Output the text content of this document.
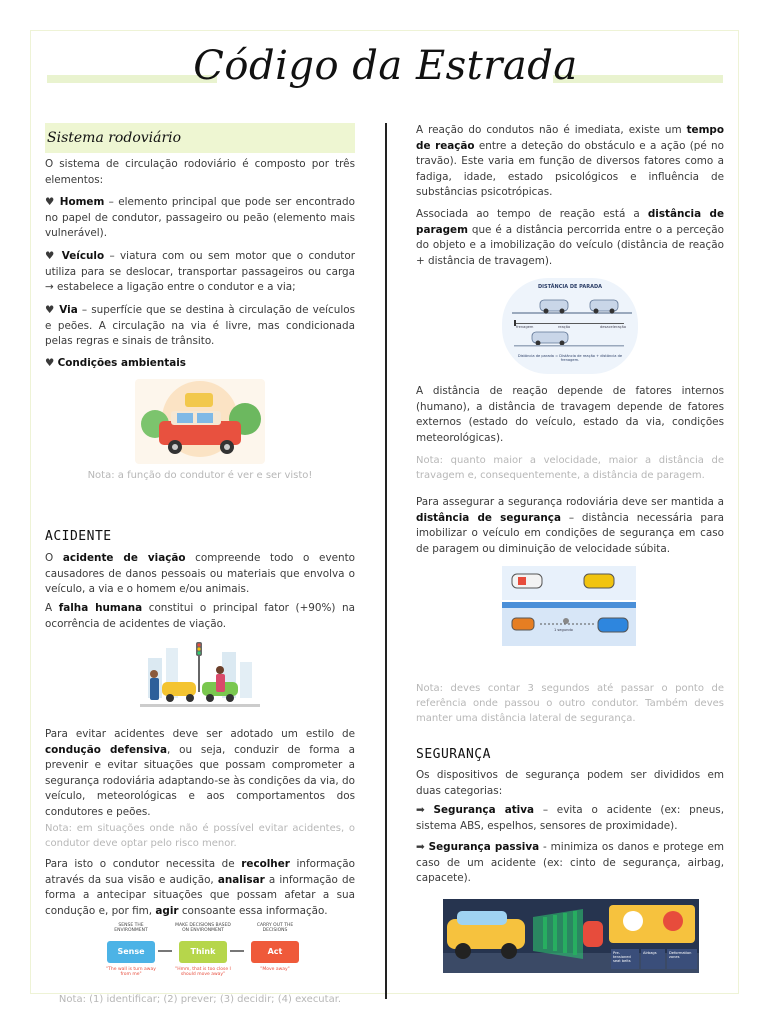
Código da Estrada
Sistema rodoviário

O sistema de circulação rodoviário é composto por três elementos:

♥ Homem – elemento principal que pode ser encontrado no papel de condutor, passageiro ou peão (elemento mais vulnerável).

♥ Veículo – viatura com ou sem motor que o condutor utiliza para se deslocar, transportar passageiros ou carga → estabelece a ligação entre o condutor e a via;

♥ Via – superfície que se destina à circulação de veículos e peões. A circulação na via é livre, mas condicionada pelas regras e sinais de trânsito.

♥ Condições ambientais

Nota: a função do condutor é ver e ser visto!

ACIDENTE

O acidente de viação compreende todo o evento causadores de danos pessoais ou materiais que envolva o veículo, a via e o homem e/ou animais.

A falha humana constitui o principal fator (+90%) na ocorrência de acidentes de viação.

Para evitar acidentes deve ser adotado um estilo de condução defensiva, ou seja, conduzir de forma a prevenir e evitar situações que possam comprometer a segurança rodoviária adaptando-se às condições da via, do veículo, meteorológicas e aos comportamentos dos condutores e peões.

Nota: em situações onde não é possível evitar acidentes, o condutor deve optar pelo risco menor.

Para isto o condutor necessita de recolher informação através da sua visão e audição, analisar a informação de forma a antecipar situações que possam afetar a sua condução e, por fim, agir consoante essa informação.

SENSE THE ENVIRONMENT
MAKE DECISIONS BASED ON ENVIRONMENT
CARRY OUT THE DECISIONS
Sense	Think	Act
"The wall is turn away from me"
"Hmm, that is too close I should move away"
"Move away"

Nota: (1) identificar; (2) prever; (3) decidir; (4) executar.

A reação do condutos não é imediata, existe um tempo de reação entre a deteção do obstáculo e a ação (pé no travão). Este varia em função de diversos fatores como a fadiga, idade, estado psicológicos e influência de substâncias psicotrópicas.

Associada ao tempo de reação está a distância de paragem que é a distância percorrida entre o a perceção do objeto e a imobilização do veículo (distância de reação + distância de travagem).

DISTÂNCIA DE PARADA
frenagem	reação	desaceleração
Distância de parada = Distância de reação + distância de frenagem.

A distância de reação depende de fatores internos (humano), a distância de travagem depende de fatores externos (estado do veículo, estado da via, condições meteorológicas).

Nota: quanto maior a velocidade, maior a distância de travagem e, consequentemente, a distância de paragem.

Para assegurar a segurança rodoviária deve ser mantida a distância de segurança – distância necessária para imobilizar o veículo em condições de segurança em caso de paragem ou diminuição de velocidade súbita.

1 segundo

Nota: deves contar 3 segundos até passar o ponto de referência onde passou o outro condutor. Também deves manter uma distância lateral de segurança.

SEGURANÇA

Os dispositivos de segurança podem ser divididos em duas categorias:

➡ Segurança ativa – evita o acidente (ex: pneus, sistema ABS, espelhos, sensores de proximidade).

➡ Segurança passiva - minimiza os danos e protege em caso de um acidente (ex: cinto de segurança, airbag, capacete).

Pre-tensioned seat belts
Airbags	Deformation zones
